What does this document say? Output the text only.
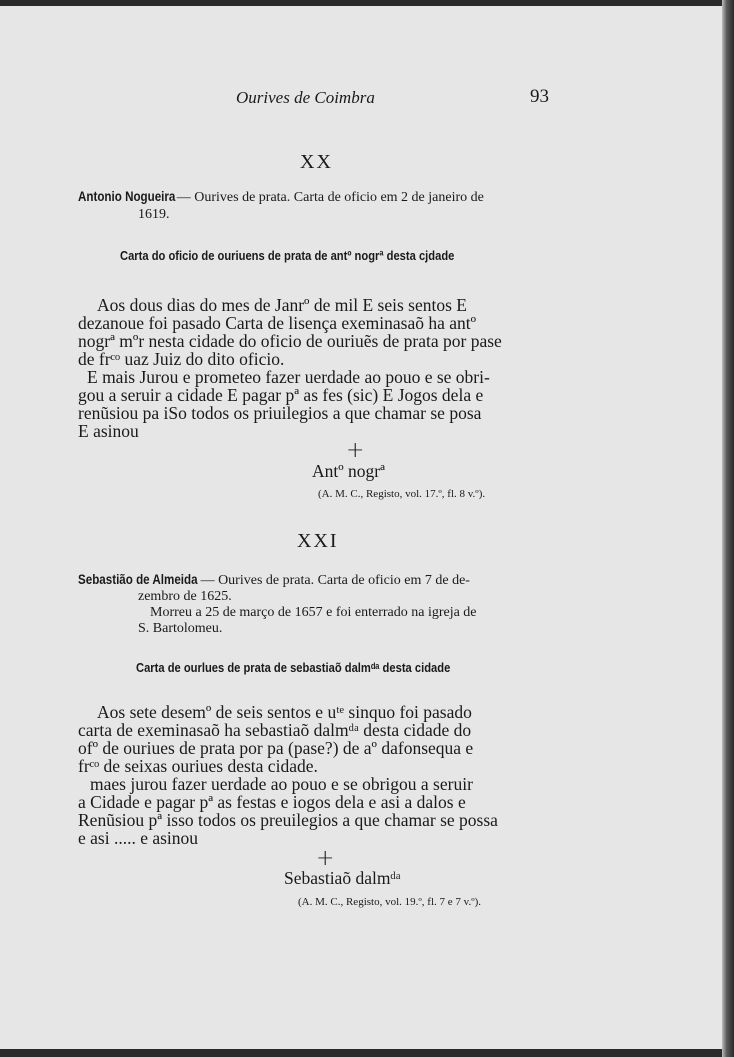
Ourives de Coimbra	93
XX
Antonio Nogueira — Ourives de prata. Carta de oficio em 2 de janeiro de
1619.
Carta do oficio de ouriuens de prata de antº nogrª desta cjdade
Aos dous dias do mes de Janrº de mil E seis sentos E
dezanoue foi pasado Carta de lisença exeminasaõ ha antº
nogrª mºr nesta cidade do oficio de ouriuẽs de prata por pase
de frᶜᵒ uaz Juiz do dito oficio.
E mais Jurou e prometeo fazer uerdade ao pouo e se obri-
gou a seruir a cidade E pagar pª as fes (sic) E Jogos dela e
renũsiou pa iSo todos os priuilegios a que chamar se posa
E asinou
+
Antº nogrª
(A. M. C., Registo, vol. 17.º, fl. 8 v.º).
XXI
Sebastião de Almeida — Ourives de prata. Carta de oficio em 7 de de-
zembro de 1625.
Morreu a 25 de março de 1657 e foi enterrado na igreja de
S. Bartolomeu.
Carta de ourlues de prata de sebastiaõ dalmᵈᵃ desta cidade
Aos sete desemº de seis sentos e uᵗᵉ sinquo foi pasado
carta de exeminasaõ ha sebastiaõ dalmᵈᵃ desta cidade do
ofº de ouriues de prata por pa (pase?) de aº dafonsequa e
frᶜᵒ de seixas ouriues desta cidade.
maes jurou fazer uerdade ao pouo e se obrigou a seruir
a Cidade e pagar pª as festas e iogos dela e asi a dalos e
Renũsiou pª isso todos os preuilegios a que chamar se possa
e asi ..... e asinou
+
Sebastiaõ dalmᵈᵃ
(A. M. C., Registo, vol. 19.º, fl. 7 e 7 v.º).
